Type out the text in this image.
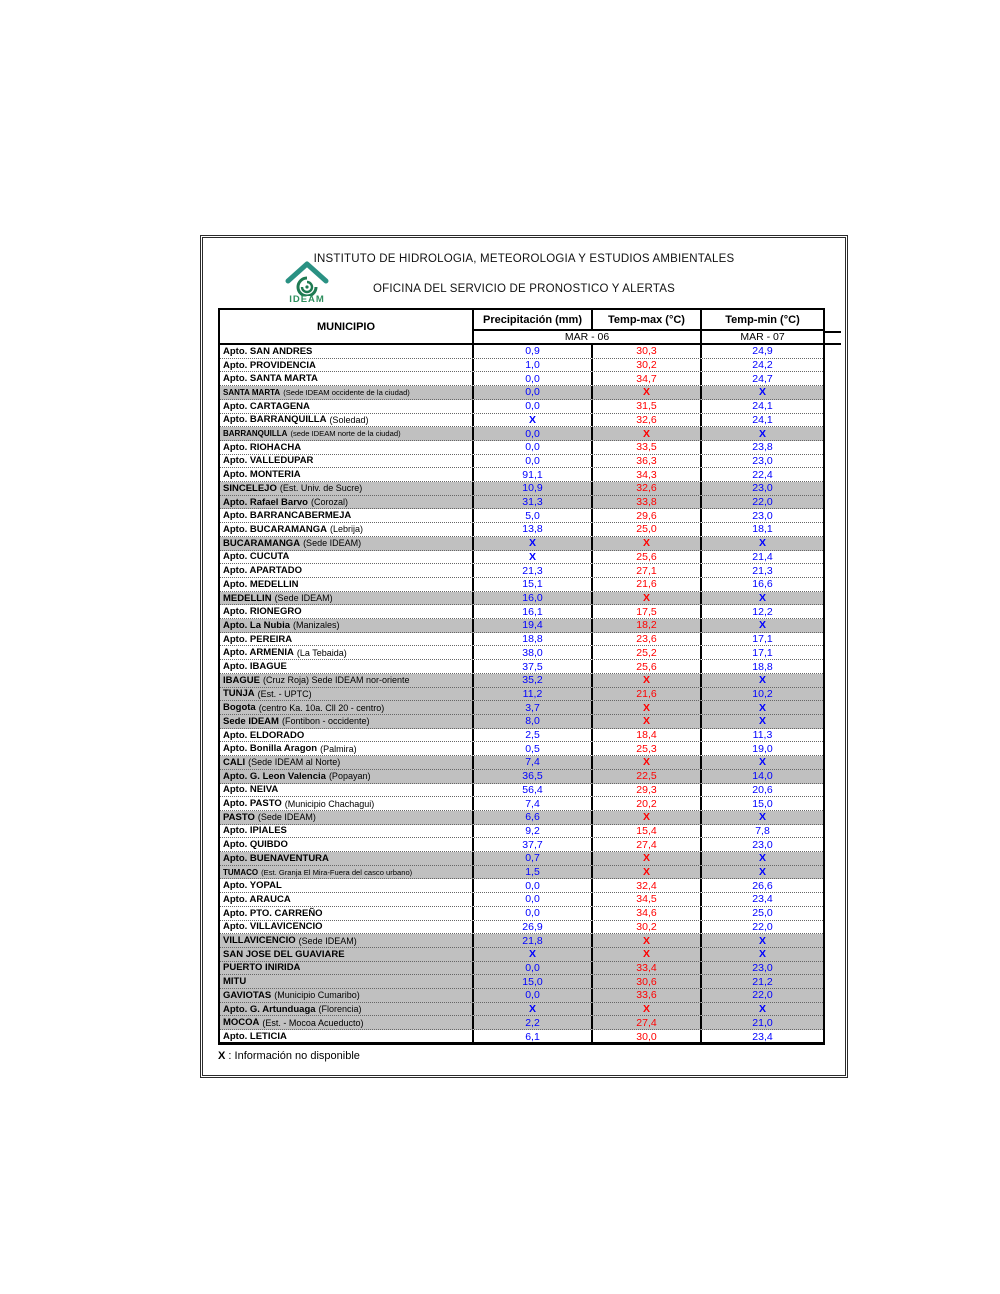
INSTITUTO DE HIDROLOGIA, METEOROLOGIA Y ESTUDIOS AMBIENTALES
IDEAM
OFICINA DEL SERVICIO DE PRONOSTICO Y ALERTAS
MUNICIPIO
Precipitación (mm)	Temp-max (°C)	Temp-min (°C)
MAR - 06	MAR - 07
Apto. SAN ANDRES	0,9	30,3	24,9
Apto. PROVIDENCIA	1,0	30,2	24,2
Apto. SANTA MARTA	0,0	34,7	24,7
SANTA MARTA (Sede IDEAM occidente de la ciudad)	0,0	X	X
Apto. CARTAGENA	0,0	31,5	24,1
Apto. BARRANQUILLA (Soledad)	X	32,6	24,1
BARRANQUILLA (sede IDEAM norte de la ciudad)	0,0	X	X
Apto. RIOHACHA	0,0	33,5	23,8
Apto. VALLEDUPAR	0,0	36,3	23,0
Apto. MONTERIA	91,1	34,3	22,4
SINCELEJO (Est. Univ. de Sucre)	10,9	32,6	23,0
Apto. Rafael Barvo (Corozal)	31,3	33,8	22,0
Apto. BARRANCABERMEJA	5,0	29,6	23,0
Apto. BUCARAMANGA (Lebrija)	13,8	25,0	18,1
BUCARAMANGA (Sede IDEAM)	X	X	X
Apto. CUCUTA	X	25,6	21,4
Apto. APARTADO	21,3	27,1	21,3
Apto. MEDELLIN	15,1	21,6	16,6
MEDELLIN (Sede IDEAM)	16,0	X	X
Apto. RIONEGRO	16,1	17,5	12,2
Apto. La Nubia (Manizales)	19,4	18,2	X
Apto. PEREIRA	18,8	23,6	17,1
Apto. ARMENIA (La Tebaida)	38,0	25,2	17,1
Apto. IBAGUE	37,5	25,6	18,8
IBAGUE (Cruz Roja) Sede IDEAM nor-oriente	35,2	X	X
TUNJA (Est. - UPTC)	11,2	21,6	10,2
Bogota (centro Ka. 10a. Cll 20 - centro)	3,7	X	X
Sede IDEAM (Fontibon - occidente)	8,0	X	X
Apto. ELDORADO	2,5	18,4	11,3
Apto. Bonilla Aragon (Palmira)	0,5	25,3	19,0
CALI (Sede IDEAM al Norte)	7,4	X	X
Apto. G. Leon Valencia (Popayan)	36,5	22,5	14,0
Apto. NEIVA	56,4	29,3	20,6
Apto. PASTO (Municipio Chachagui)	7,4	20,2	15,0
PASTO (Sede IDEAM)	6,6	X	X
Apto. IPIALES	9,2	15,4	7,8
Apto. QUIBDO	37,7	27,4	23,0
Apto. BUENAVENTURA	0,7	X	X
TUMACO (Est. Granja El Mira-Fuera del casco urbano)	1,5	X	X
Apto. YOPAL	0,0	32,4	26,6
Apto. ARAUCA	0,0	34,5	23,4
Apto. PTO. CARREÑO	0,0	34,6	25,0
Apto. VILLAVICENCIO	26,9	30,2	22,0
VILLAVICENCIO (Sede IDEAM)	21,8	X	X
SAN JOSE DEL GUAVIARE	X	X	X
PUERTO INIRIDA	0,0	33,4	23,0
MITU	15,0	30,6	21,2
GAVIOTAS (Municipio Cumaribo)	0,0	33,6	22,0
Apto. G. Artunduaga (Florencia)	X	X	X
MOCOA (Est. - Mocoa Acueducto)	2,2	27,4	21,0
Apto. LETICIA	6,1	30,0	23,4
X : Información no disponible
